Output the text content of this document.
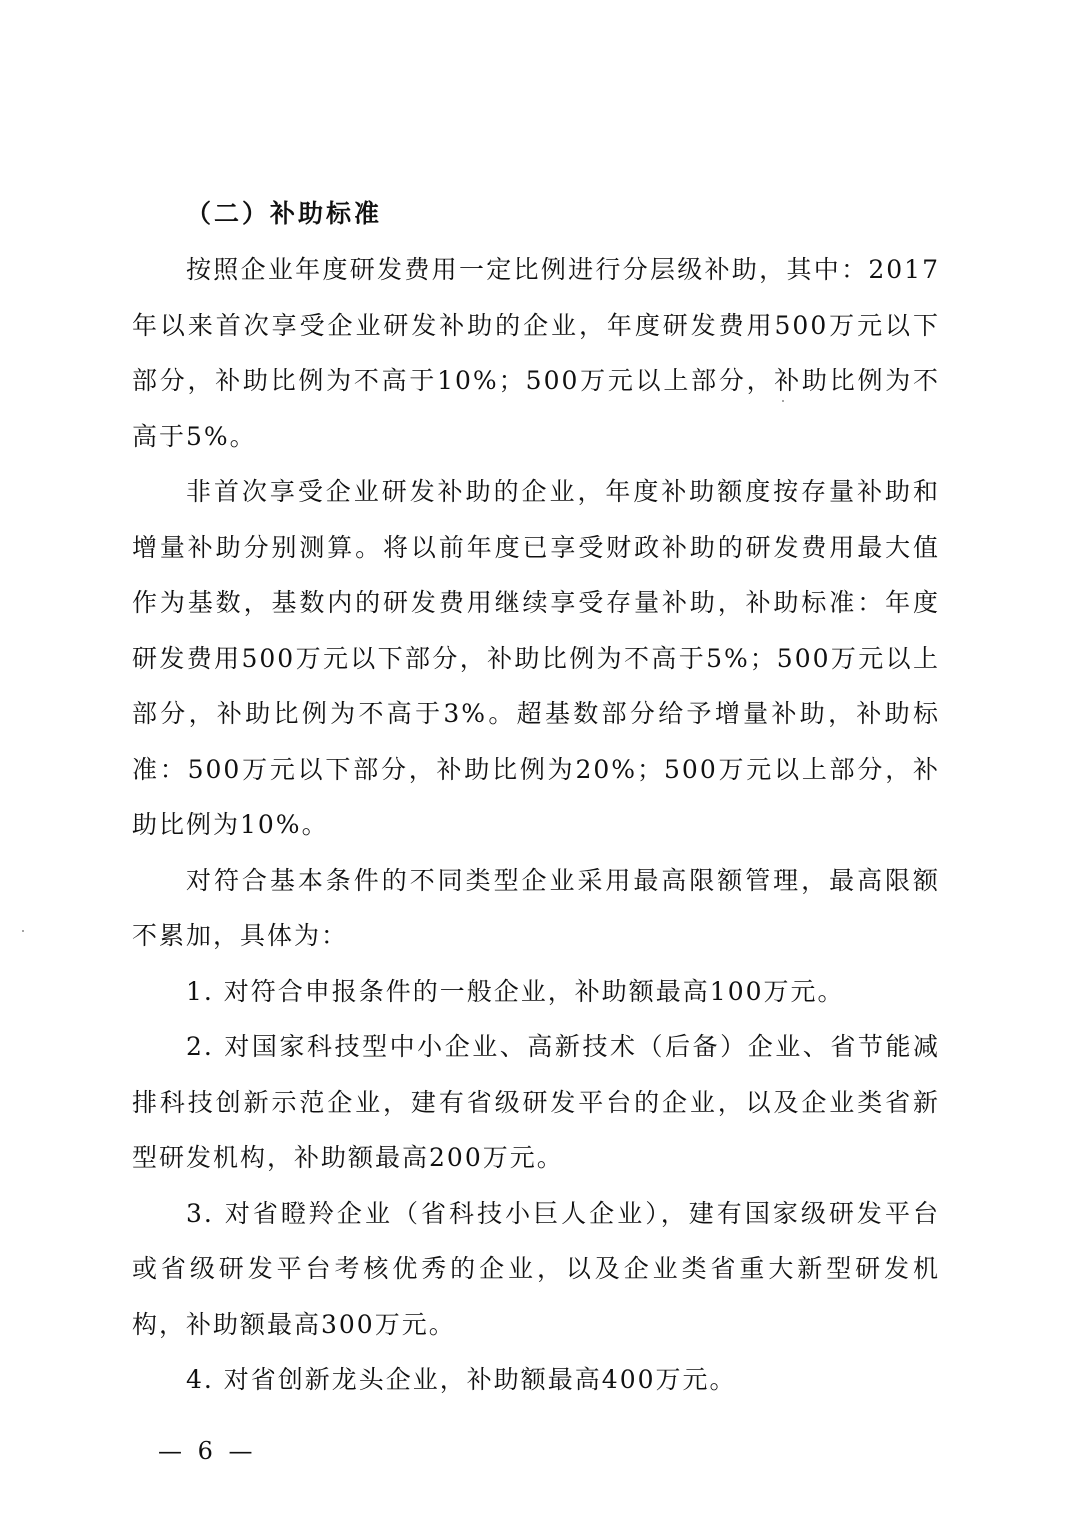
（二）补助标准

按照企业年度研发费用一定比例进行分层级补助，其中：2017年以来首次享受企业研发补助的企业，年度研发费用500万元以下部分，补助比例为不高于10%；500万元以上部分，补助比例为不高于5%。

非首次享受企业研发补助的企业，年度补助额度按存量补助和增量补助分别测算。将以前年度已享受财政补助的研发费用最大值作为基数，基数内的研发费用继续享受存量补助，补助标准：年度研发费用500万元以下部分，补助比例为不高于5%；500万元以上部分，补助比例为不高于3%。超基数部分给予增量补助，补助标准：500万元以下部分，补助比例为20%；500万元以上部分，补助比例为10%。

对符合基本条件的不同类型企业采用最高限额管理，最高限额不累加，具体为：

1. 对符合申报条件的一般企业，补助额最高100万元。

2. 对国家科技型中小企业、高新技术（后备）企业、省节能减排科技创新示范企业，建有省级研发平台的企业，以及企业类省新型研发机构，补助额最高200万元。

3. 对省瞪羚企业（省科技小巨人企业），建有国家级研发平台或省级研发平台考核优秀的企业，以及企业类省重大新型研发机构，补助额最高300万元。

4. 对省创新龙头企业，补助额最高400万元。

— 6 —
